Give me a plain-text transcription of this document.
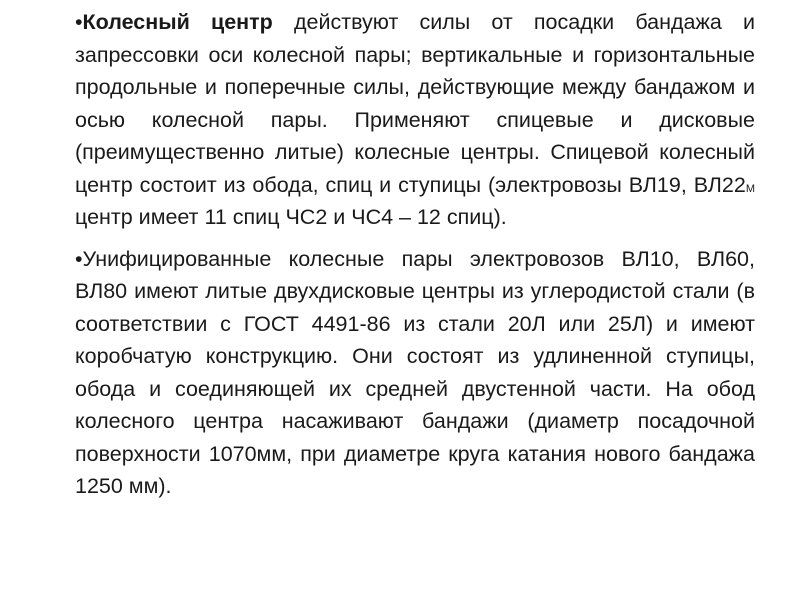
•Колесный центр действуют силы от посадки бандажа и запрессовки оси колесной пары; вертикальные и горизонтальные продольные и поперечные силы, действующие между бандажом и осью колесной пары. Применяют спицевые и дисковые (преимущественно литые) колесные центры. Спицевой колесный центр состоит из обода, спиц и ступицы (электровозы ВЛ19, ВЛ22М центр имеет 11 спиц ЧС2 и ЧС4 – 12 спиц).

•Унифицированные колесные пары электровозов ВЛ10, ВЛ60, ВЛ80 имеют литые двухдисковые центры из углеродистой стали (в соответствии с ГОСТ 4491-86 из стали 20Л или 25Л) и имеют коробчатую конструкцию. Они состоят из удлиненной ступицы, обода и соединяющей их средней двустенной части. На обод колесного центра насаживают бандажи (диаметр посадочной поверхности 1070мм, при диаметре круга катания нового бандажа 1250 мм).
